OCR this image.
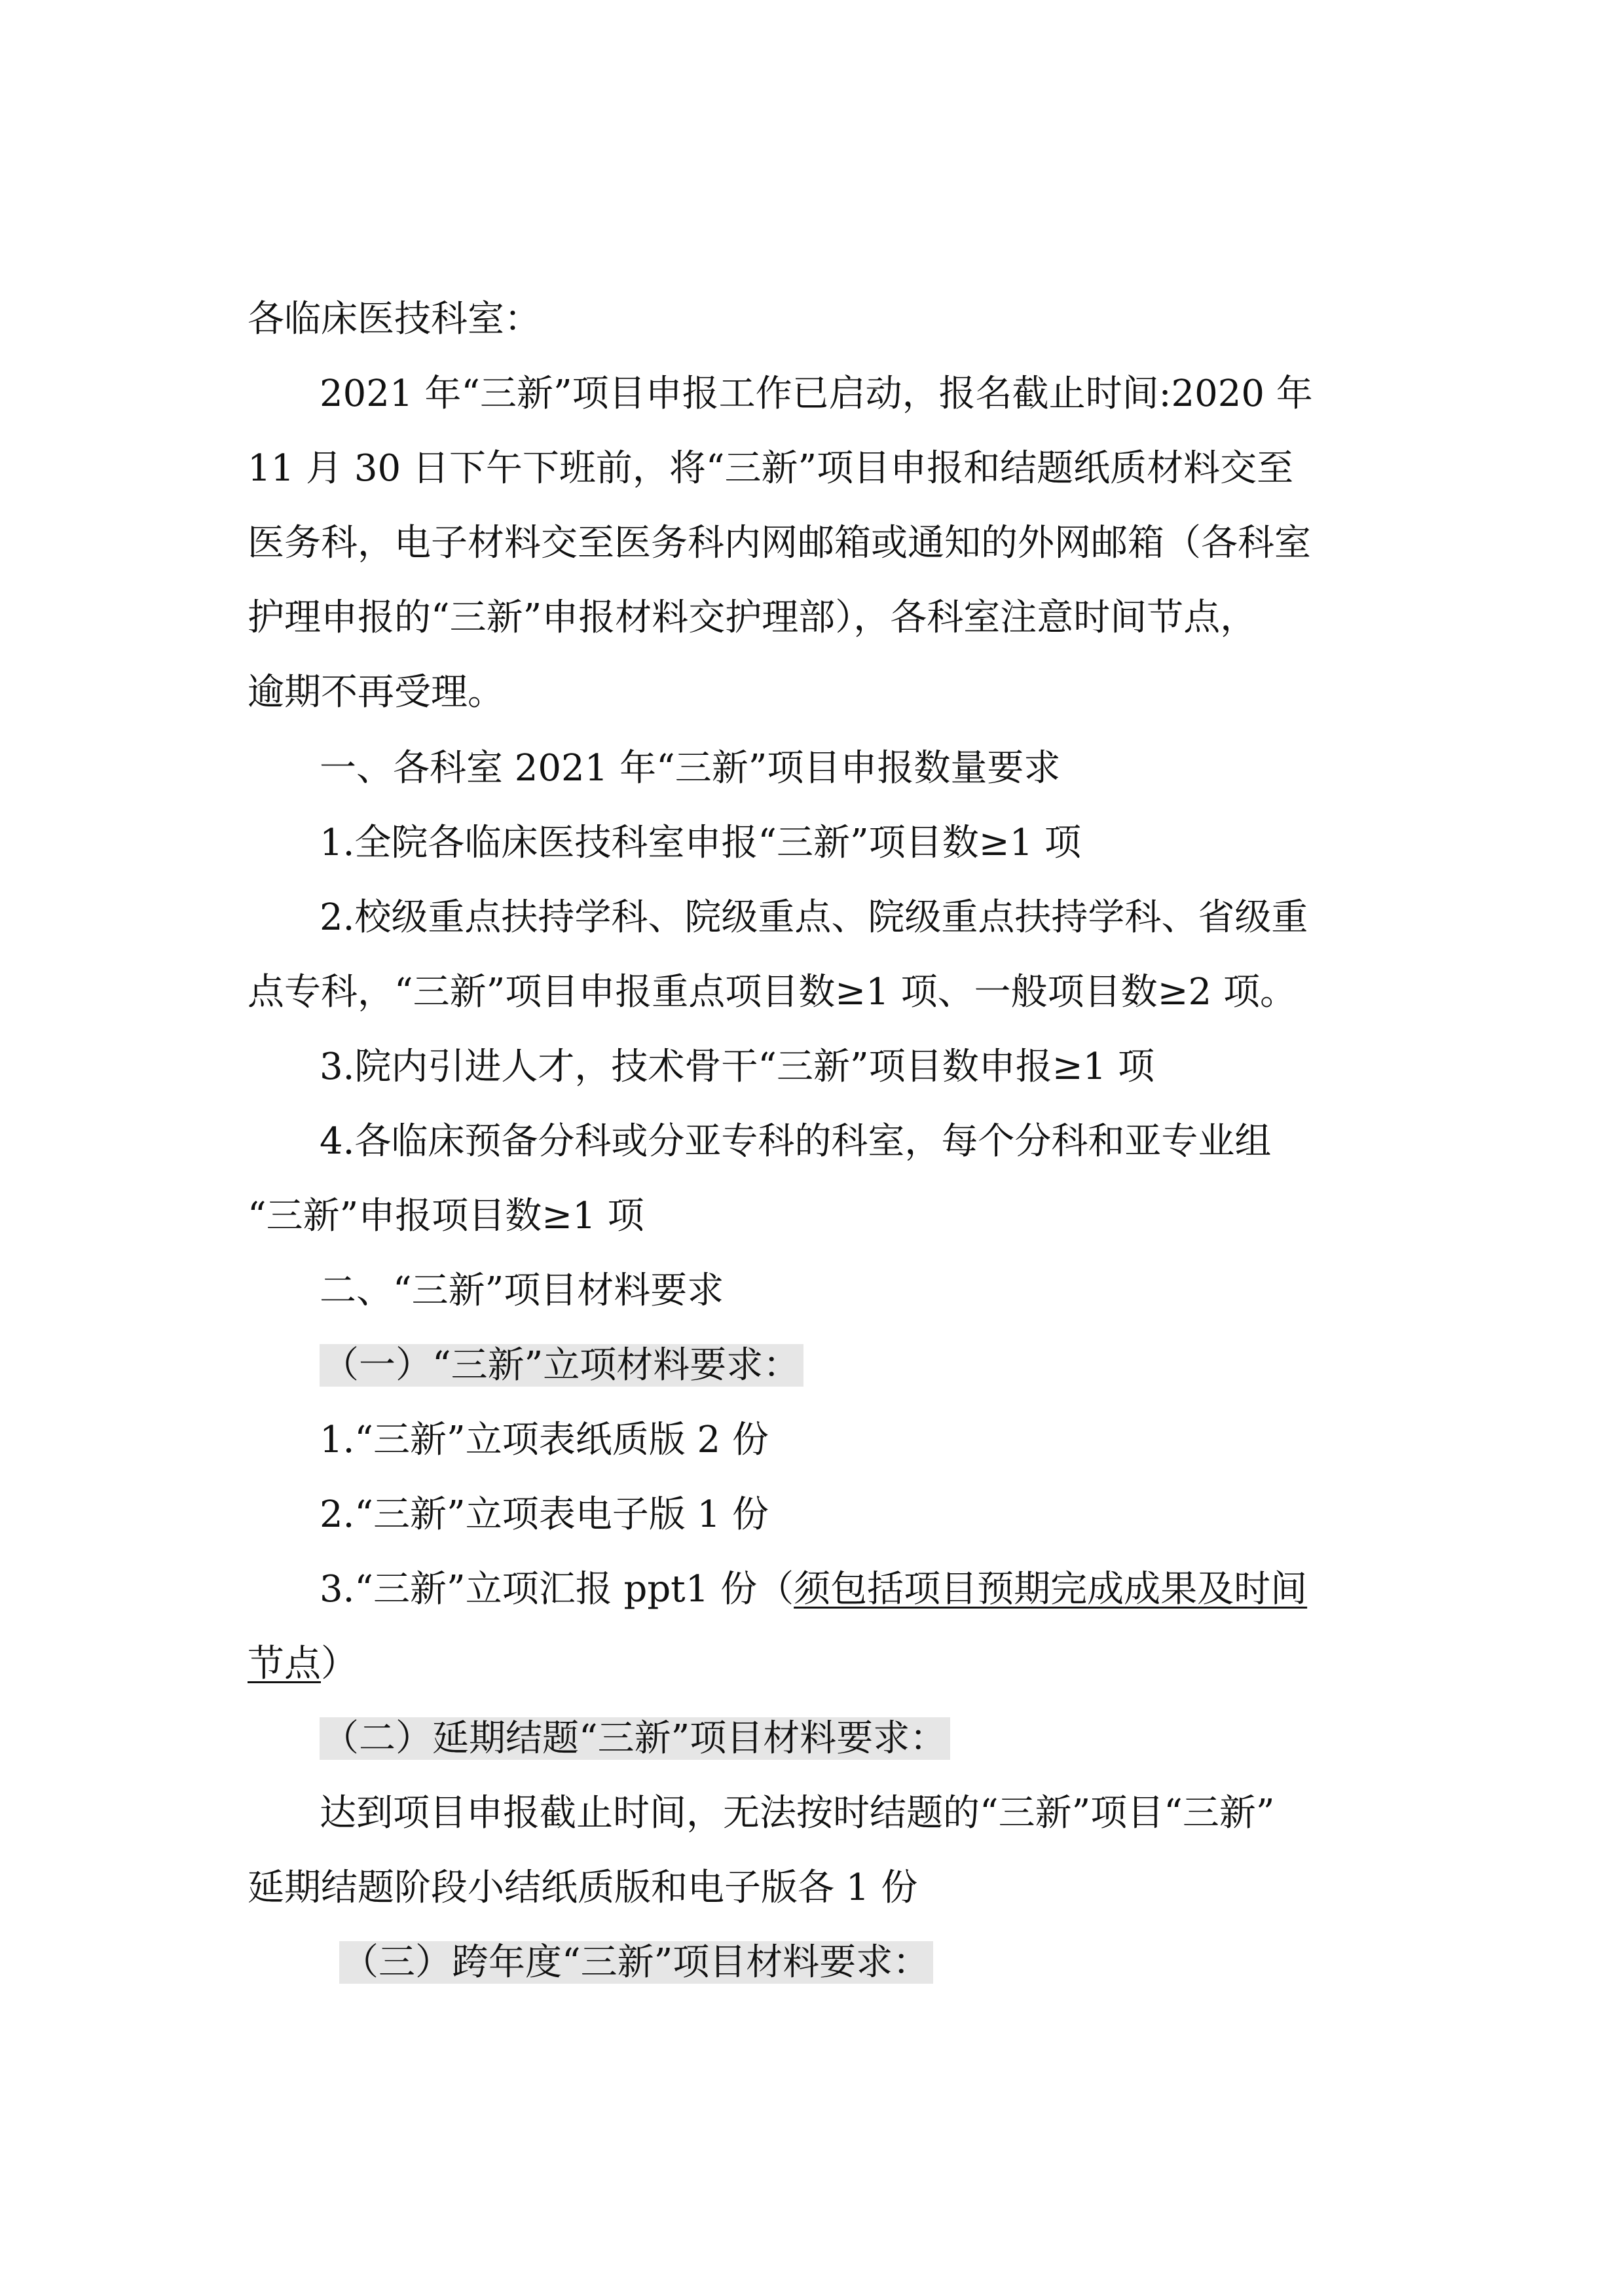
各临床医技科室：
2021 年“三新”项目申报工作已启动，报名截止时间:2020 年
11 月 30 日下午下班前，将“三新”项目申报和结题纸质材料交至
医务科，电子材料交至医务科内网邮箱或通知的外网邮箱（各科室
护理申报的“三新”申报材料交护理部），各科室注意时间节点，
逾期不再受理。
一、各科室 2021 年“三新”项目申报数量要求
1.全院各临床医技科室申报“三新”项目数≥1 项
2.校级重点扶持学科、院级重点、院级重点扶持学科、省级重
点专科，“三新”项目申报重点项目数≥1 项、一般项目数≥2 项。
3.院内引进人才，技术骨干“三新”项目数申报≥1 项
4.各临床预备分科或分亚专科的科室，每个分科和亚专业组
“三新”申报项目数≥1 项
二、“三新”项目材料要求
（一）“三新”立项材料要求：
1.“三新”立项表纸质版 2 份
2.“三新”立项表电子版 1 份
3.“三新”立项汇报 ppt1 份（须包括项目预期完成成果及时间
节点）
（二）延期结题“三新”项目材料要求：
达到项目申报截止时间，无法按时结题的“三新”项目“三新”
延期结题阶段小结纸质版和电子版各 1 份
（三）跨年度“三新”项目材料要求：
